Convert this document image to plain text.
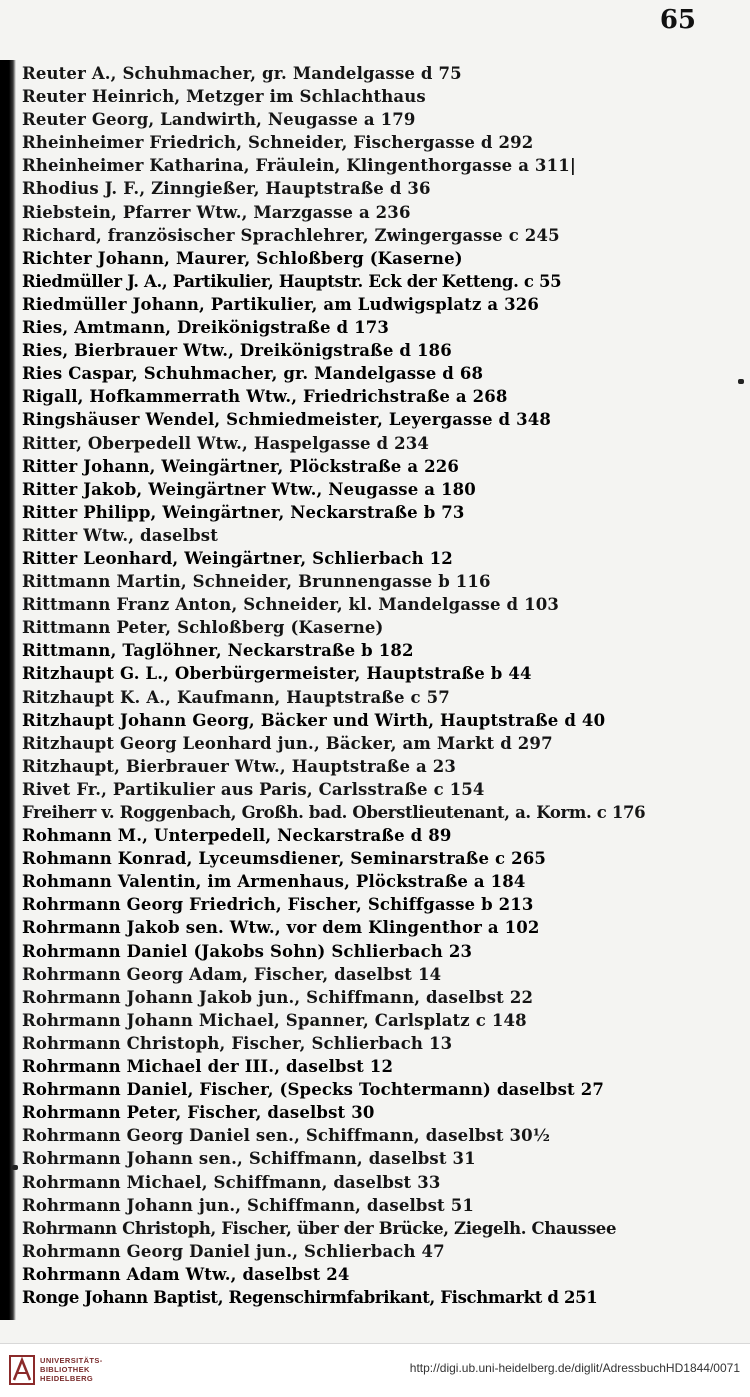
65
Reuter A., Schuhmacher, gr. Mandelgasse d 75
Reuter Heinrich, Metzger im Schlachthaus
Reuter Georg, Landwirth, Neugasse a 179
Rheinheimer Friedrich, Schneider, Fischergasse d 292
Rheinheimer Katharina, Fräulein, Klingenthorgasse a 311|
Rhodius J. F., Zinngießer, Hauptstraße d 36
Riebstein, Pfarrer Wtw., Marzgasse a 236
Richard, französischer Sprachlehrer, Zwingergasse c 245
Richter Johann, Maurer, Schloßberg (Kaserne)
Riedmüller J. A., Partikulier, Hauptstr. Eck der Ketteng. c 55
Riedmüller Johann, Partikulier, am Ludwigsplatz a 326
Ries, Amtmann, Dreikönigstraße d 173
Ries, Bierbrauer Wtw., Dreikönigstraße d 186
Ries Caspar, Schuhmacher, gr. Mandelgasse d 68
Rigall, Hofkammerrath Wtw., Friedrichstraße a 268
Ringshäuser Wendel, Schmiedmeister, Leyergasse d 348
Ritter, Oberpedell Wtw., Haspelgasse d 234
Ritter Johann, Weingärtner, Plöckstraße a 226
Ritter Jakob, Weingärtner Wtw., Neugasse a 180
Ritter Philipp, Weingärtner, Neckarstraße b 73
Ritter Wtw., daselbst
Ritter Leonhard, Weingärtner, Schlierbach 12
Rittmann Martin, Schneider, Brunnengasse b 116
Rittmann Franz Anton, Schneider, kl. Mandelgasse d 103
Rittmann Peter, Schloßberg (Kaserne)
Rittmann, Taglöhner, Neckarstraße b 182
Ritzhaupt G. L., Oberbürgermeister, Hauptstraße b 44
Ritzhaupt K. A., Kaufmann, Hauptstraße c 57
Ritzhaupt Johann Georg, Bäcker und Wirth, Hauptstraße d 40
Ritzhaupt Georg Leonhard jun., Bäcker, am Markt d 297
Ritzhaupt, Bierbrauer Wtw., Hauptstraße a 23
Rivet Fr., Partikulier aus Paris, Carlsstraße c 154
Freiherr v. Roggenbach, Großh. bad. Oberstlieutenant, a. Korm. c 176
Rohmann M., Unterpedell, Neckarstraße d 89
Rohmann Konrad, Lyceumsdiener, Seminarstraße c 265
Rohmann Valentin, im Armenhaus, Plöckstraße a 184
Rohrmann Georg Friedrich, Fischer, Schiffgasse b 213
Rohrmann Jakob sen. Wtw., vor dem Klingenthor a 102
Rohrmann Daniel (Jakobs Sohn) Schlierbach 23
Rohrmann Georg Adam, Fischer, daselbst 14
Rohrmann Johann Jakob jun., Schiffmann, daselbst 22
Rohrmann Johann Michael, Spanner, Carlsplatz c 148
Rohrmann Christoph, Fischer, Schlierbach 13
Rohrmann Michael der III., daselbst 12
Rohrmann Daniel, Fischer, (Specks Tochtermann) daselbst 27
Rohrmann Peter, Fischer, daselbst 30
Rohrmann Georg Daniel sen., Schiffmann, daselbst 30½
Rohrmann Johann sen., Schiffmann, daselbst 31
Rohrmann Michael, Schiffmann, daselbst 33
Rohrmann Johann jun., Schiffmann, daselbst 51
Rohrmann Christoph, Fischer, über der Brücke, Ziegelh. Chaussee
Rohrmann Georg Daniel jun., Schlierbach 47
Rohrmann Adam Wtw., daselbst 24
Ronge Johann Baptist, Regenschirmfabrikant, Fischmarkt d 251
UNIVERSITÄTS-
BIBLIOTHEK
HEIDELBERG
http://digi.ub.uni-heidelberg.de/diglit/AdressbuchHD1844/0071
